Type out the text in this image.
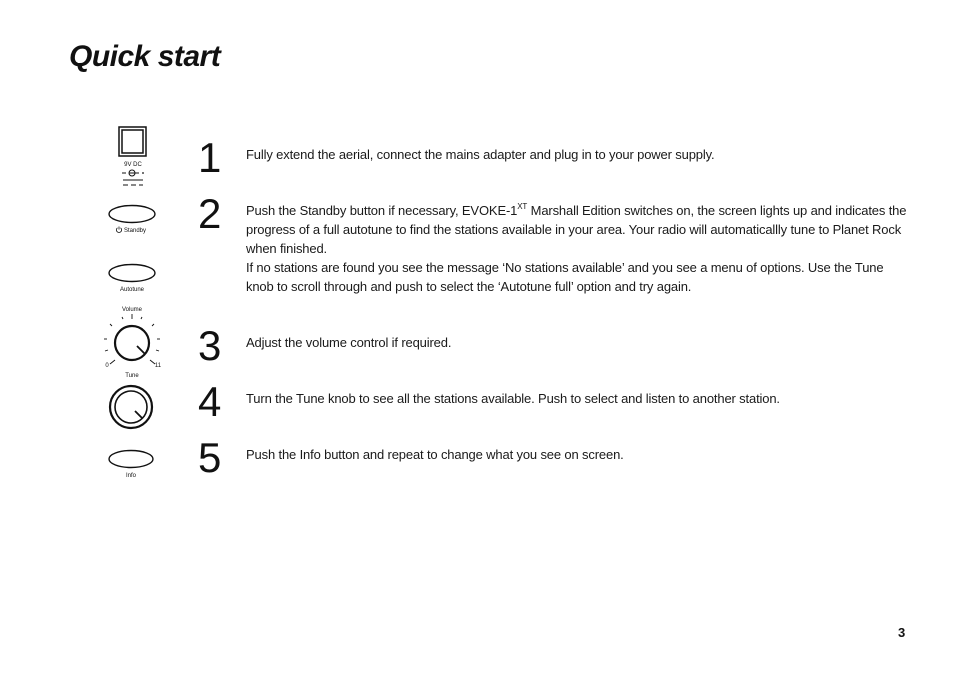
Quick start
9V DC
Standby
Autotune
Volume
0	11
Tune
Info
1	Fully extend the aerial, connect the mains adapter and plug in to your power supply.

2	Push the Standby button if necessary, EVOKE-$1^{XT}$ Marshall Edition switches on, the screen lights up and indicates the progress of a full autotune to find the stations available in your area. Your radio will automaticallly tune to Planet Rock when finished.

If no stations are found you see the message ‘No stations available’ and you see a menu of options. Use the Tune knob to scroll through and push to select the ‘Autotune full’ option and try again.

3	Adjust the volume control if required.

4	Turn the Tune knob to see all the stations available. Push to select and listen to another station.

5	Push the Info button and repeat to change what you see on screen.

3
